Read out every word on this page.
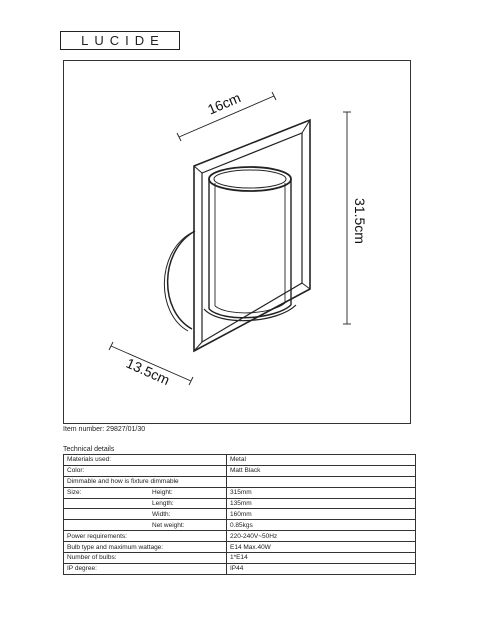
LUCIDE
16cm
31.5cm
13.5cm
Item number: 29827/01/30
Technical details
Materials used:		Metal
Color:		Matt Black
Dimmable and how is fixture dimmable		
Size:	Height:	315mm
	Length:	135mm
	Width:	160mm
	Net weight:	0.85kgs
Power requirements:		220-240V~50Hz
Bulb type and maximum wattage:		E14 Max.40W
Number of bulbs:		1*E14
IP degree:		IP44
